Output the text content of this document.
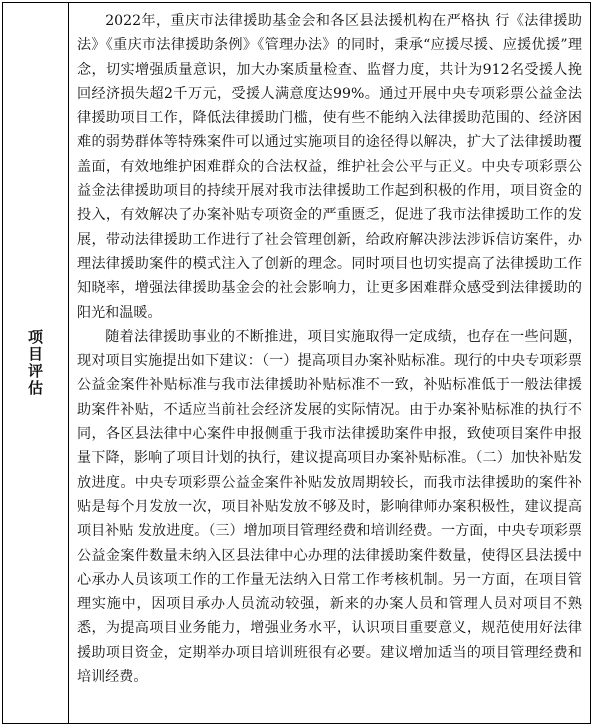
项目评估

2022年，重庆市法律援助基金会和各区县法援机构在严格执 行《法律援助法》《重庆市法律援助条例》《管理办法》的同时，秉承“应援尽援、应援优援”理念，切实增强质量意识，加大办案质量检查、监督力度，共计为912名受援人挽回经济损失超2千万元，受援人满意度达99%。通过开展中央专项彩票公益金法律援助项目工作，降低法律援助门槛，使有些不能纳入法律援助范围的、经济困难的弱势群体等特殊案件可以通过实施项目的途径得以解决，扩大了法律援助覆盖面，有效地维护困难群众的合法权益，维护社会公平与正义。中央专项彩票公益金法律援助项目的持续开展对我市法律援助工作起到积极的作用，项目资金的投入，有效解决了办案补贴专项资金的严重匮乏，促进了我市法律援助工作的发展，带动法律援助工作进行了社会管理创新，给政府解决涉法涉诉信访案件，办理法律援助案件的模式注入了创新的理念。同时项目也切实提高了法律援助工作知晓率，增强法律援助基金会的社会影响力，让更多困难群众感受到法律援助的阳光和温暖。

随着法律援助事业的不断推进，项目实施取得一定成绩，也存在一些问题，现对项目实施提出如下建议：（一）提高项目办案补贴标准。现行的中央专项彩票公益金案件补贴标准与我市法律援助补贴标准不一致，补贴标准低于一般法律援助案件补贴，不适应当前社会经济发展的实际情况。由于办案补贴标准的执行不同，各区县法律中心案件申报侧重于我市法律援助案件申报，致使项目案件申报量下降，影响了项目计划的执行，建议提高项目办案补贴标准。（二）加快补贴发放进度。中央专项彩票公益金案件补贴发放周期较长，而我市法律援助的案件补贴是每个月发放一次，项目补贴发放不够及时，影响律师办案积极性，建议提高项目补贴 发放进度。（三）增加项目管理经费和培训经费。一方面，中央专项彩票公益金案件数量未纳入区县法律中心办理的法律援助案件数量，使得区县法援中心承办人员该项工作的工作量无法纳入日常工作考核机制。另一方面，在项目管理实施中，因项目承办人员流动较强，新来的办案人员和管理人员对项目不熟悉，为提高项目业务能力，增强业务水平，认识项目重要意义，规范使用好法律援助项目资金，定期举办项目培训班很有必要。建议增加适当的项目管理经费和培训经费。
